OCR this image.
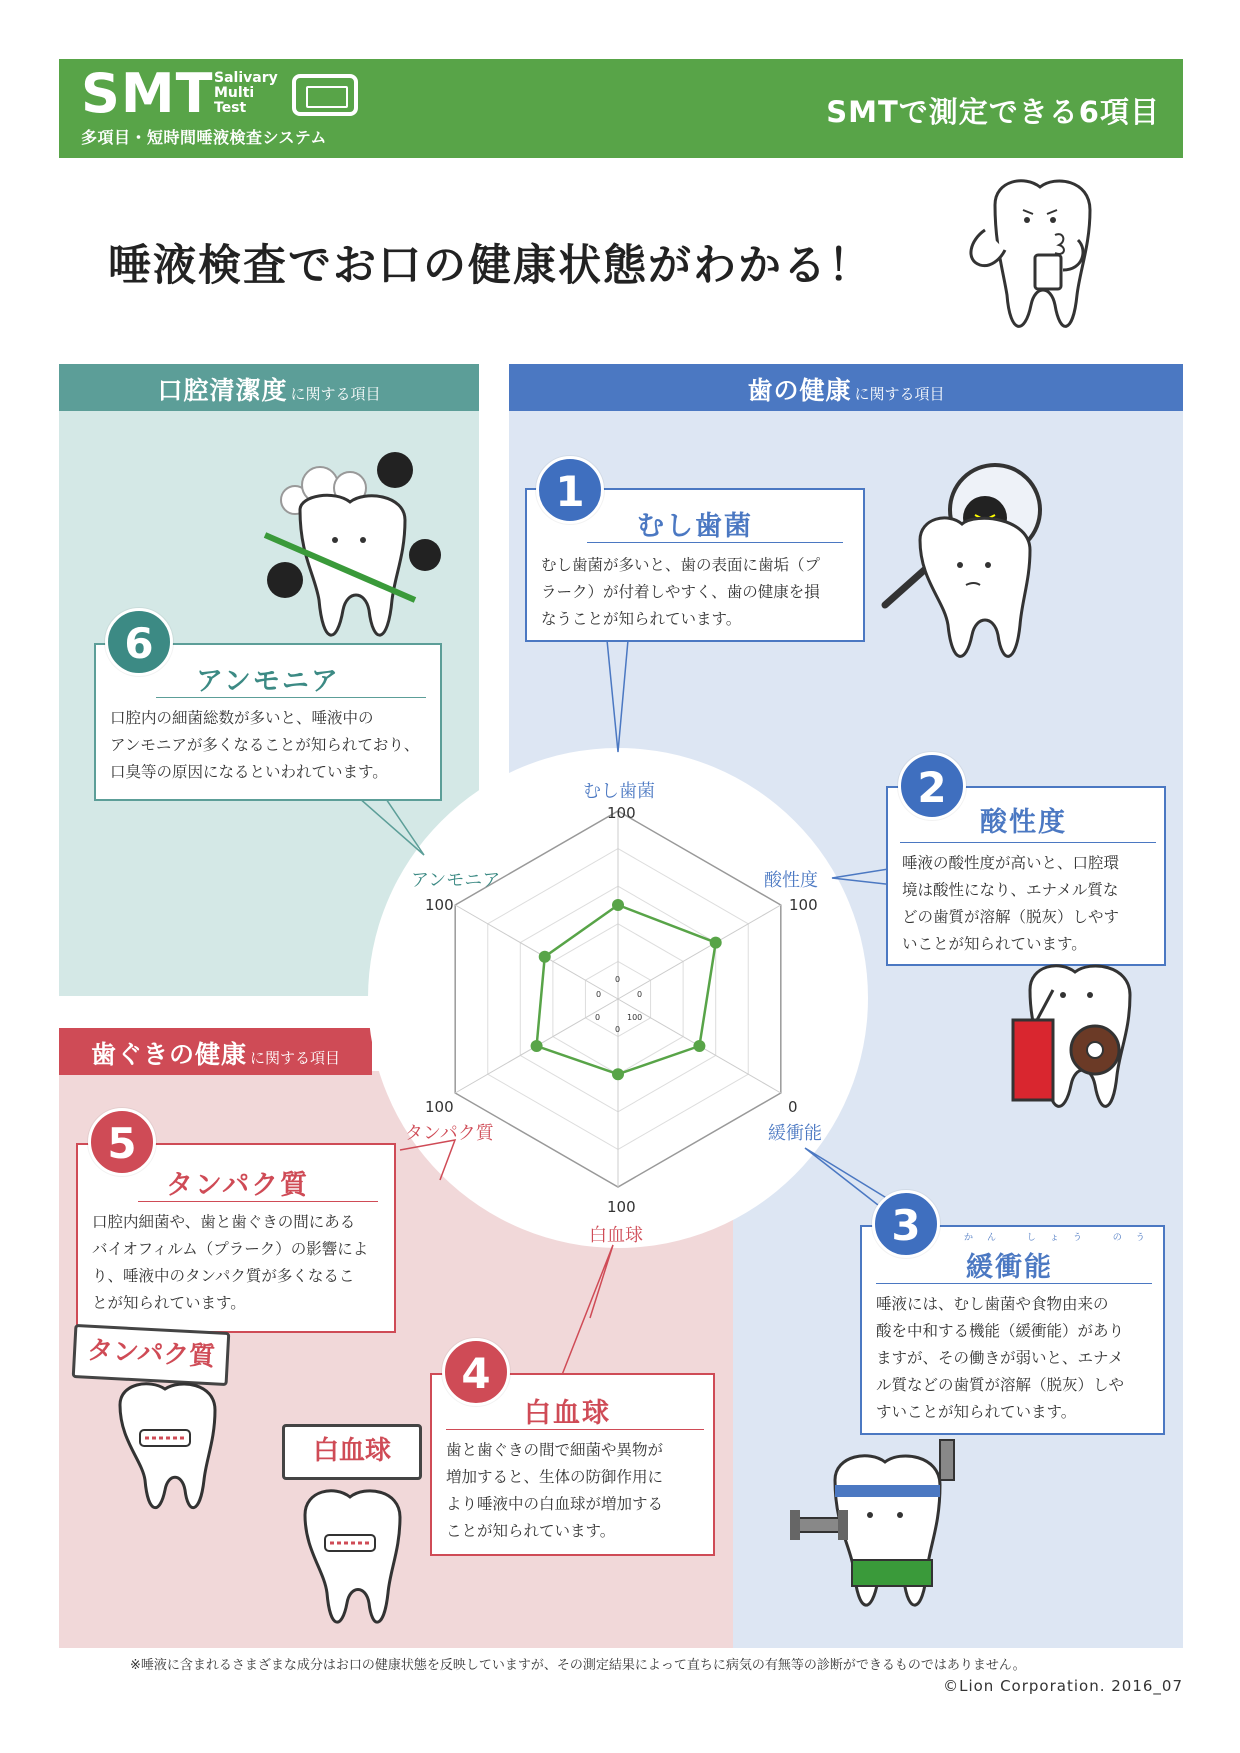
SMT Salivary
Multi
Test
多項目・短時間唾液検査システム
SMTで測定できる6項目
唾液検査でお口の健康状態がわかる！
口腔清潔度 に関する項目	歯の健康 に関する項目
歯ぐきの健康 に関する項目
むし歯菌
100
酸性度
100
0
緩衝能
100
白血球
100
タンパク質
アンモニア
100
0
0
100
0
0
0
むし歯菌
むし歯菌が多いと、歯の表面に歯垢（プ
ラーク）が付着しやすく、歯の健康を損
なうことが知られています。
1
酸性度
唾液の酸性度が高いと、口腔環
境は酸性になり、エナメル質な
どの歯質が溶解（脱灰）しやす
いことが知られています。
2
緩衝能
唾液には、むし歯菌や食物由来の
酸を中和する機能（緩衝能）があり
ますが、その働きが弱いと、エナメ
ル質などの歯質が溶解（脱灰）しや
すいことが知られています。
かん しょう のう
3
アンモニア
口腔内の細菌総数が多いと、唾液中の
アンモニアが多くなることが知られており、
口臭等の原因になるといわれています。
6
タンパク質
口腔内細菌や、歯と歯ぐきの間にある
バイオフィルム（プラーク）の影響によ
り、唾液中のタンパク質が多くなるこ
とが知られています。
5
白血球
歯と歯ぐきの間で細菌や異物が
増加すると、生体の防御作用に
より唾液中の白血球が増加する
ことが知られています。
4
タンパク質
白血球
※唾液に含まれるさまざまな成分はお口の健康状態を反映していますが、その測定結果によって直ちに病気の有無等の診断ができるものではありません。
©Lion Corporation. 2016_07
